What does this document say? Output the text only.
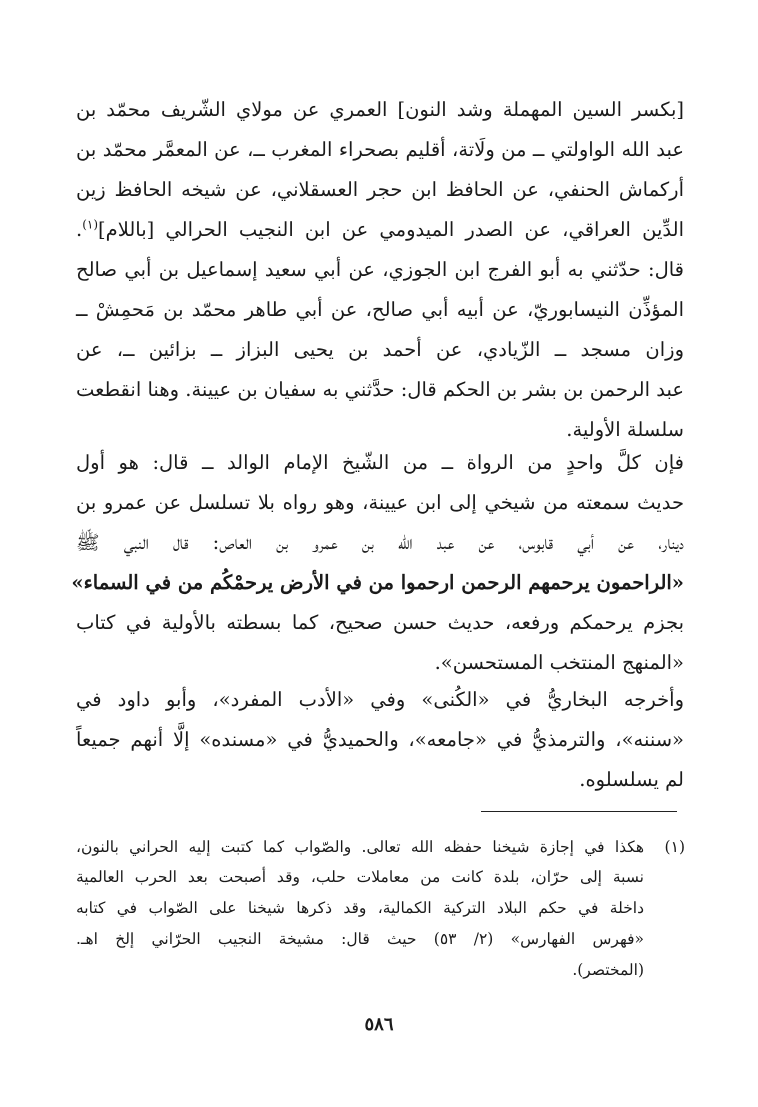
[بكسر السين المهملة وشد النون] العمري عن مولاي الشّريف محمّد بن
عبد الله الواولتي ــ من ولَاتة، أقليم بصحراء المغرب ــ، عن المعمَّر محمّد بن
أركماش الحنفي، عن الحافظ ابن حجر العسقلاني، عن شيخه الحافظ زين
الدِّين العراقي، عن الصدر الميدومي عن ابن النجيب الحرالي [باللام]$^{(١)}$.
قال: حدّثني به أبو الفرج ابن الجوزي، عن أبي سعيد إسماعيل بن أبي صالح
المؤذِّن النيسابوريّ، عن أبيه أبي صالح، عن أبي طاهر محمّد بن مَحمِشْ ــ
وزان مسجد ــ الزّيادي، عن أحمد بن يحيى البزاز ــ بزائين ــ، عن
عبد الرحمن بن بشر بن الحكم قال: حدَّثني به سفيان بن عيينة. وهنا انقطعت
سلسلة الأولية.
فإن كلَّ واحدٍ من الرواة ــ من الشّيخ الإمام الوالد ــ قال: هو أول
حديث سمعته من شيخي إلى ابن عيينة، وهو رواه بلا تسلسل عن عمرو بن
دينار، عن أبي قابوس، عن عبد الله بن عمرو بن العاص: قال النبي ﷺ
«الراحمون يرحمهم الرحمن ارحموا من في الأرض يرحمْكُم من في السماء»
بجزم يرحمكم ورفعه، حديث حسن صحيح، كما بسطته بالأولية في كتاب
«المنهج المنتخب المستحسن».
وأخرجه البخاريُّ في «الكُنى» وفي «الأدب المفرد»، وأبو داود في
«سننه»، والترمذيُّ في «جامعه»، والحميديُّ في «مسنده» إلَّا أنهم جميعاً
لم يسلسلوه.
(١)
هكذا في إجازة شيخنا حفظه الله تعالى. والصّواب كما كتبت إليه الحراني بالنون،
نسبة إلى حرّان، بلدة كانت من معاملات حلب، وقد أصبحت بعد الحرب العالمية
داخلة في حكم البلاد التركية الكمالية، وقد ذكرها شيخنا على الصّواب في كتابه
«فهرس الفهارس» (٢/ ٥٣) حيث قال: مشيخة النجيب الحرّاني إلخ اهـ.
(المختصر).
٥٨٦
